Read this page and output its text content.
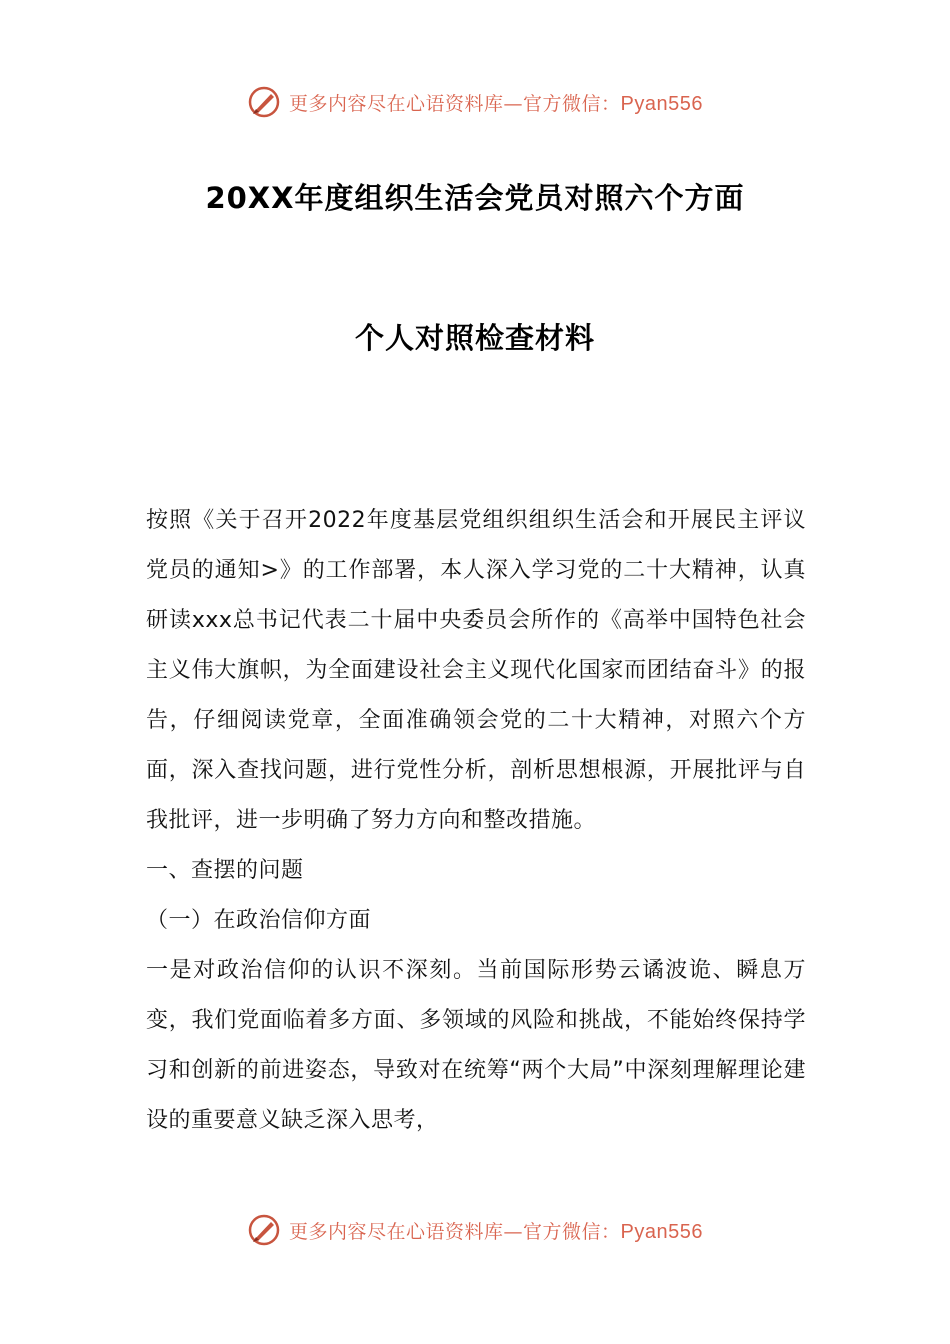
更多内容尽在心语资料库—官方微信：Pyan556
20XX年度组织生活会党员对照六个方面
个人对照检查材料

按照《关于召开2022年度基层党组织组织生活会和开展民主评议党员的通知>》的工作部署，本人深入学习党的二十大精神，认真研读xxx总书记代表二十届中央委员会所作的《高举中国特色社会主义伟大旗帜，为全面建设社会主义现代化国家而团结奋斗》的报告，仔细阅读党章，全面准确领会党的二十大精神，对照六个方面，深入查找问题，进行党性分析，剖析思想根源，开展批评与自我批评，进一步明确了努力方向和整改措施。

一、查摆的问题

（一）在政治信仰方面

一是对政治信仰的认识不深刻。当前国际形势云谲波诡、瞬息万变，我们党面临着多方面、多领域的风险和挑战，不能始终保持学习和创新的前进姿态，导致对在统筹“两个大局”中深刻理解理论建设的重要意义缺乏深入思考，

更多内容尽在心语资料库—官方微信：Pyan556
